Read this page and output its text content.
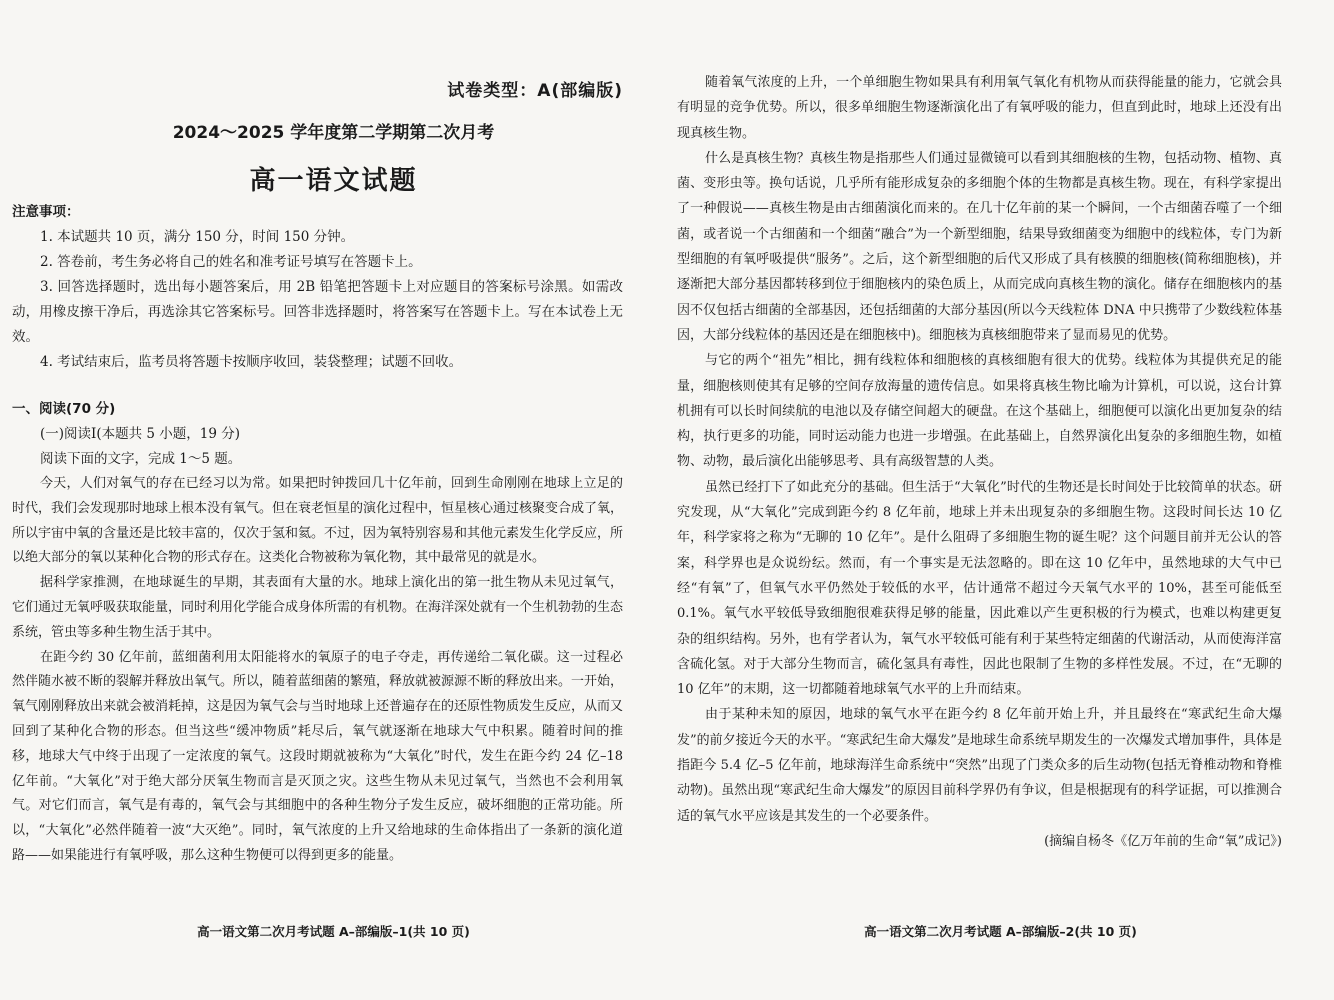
试卷类型：A(部编版)

2024～2025 学年度第二学期第二次月考

高一语文试题

注意事项：

1. 本试题共 10 页，满分 150 分，时间 150 分钟。

2. 答卷前，考生务必将自己的姓名和准考证号填写在答题卡上。

3. 回答选择题时，选出每小题答案后，用 2B 铅笔把答题卡上对应题目的答案标号涂黑。如需改动，用橡皮擦干净后，再选涂其它答案标号。回答非选择题时，将答案写在答题卡上。写在本试卷上无效。

4. 考试结束后，监考员将答题卡按顺序收回，装袋整理；试题不回收。

一、阅读(70 分)

(一)阅读Ⅰ(本题共 5 小题，19 分)

阅读下面的文字，完成 1～5 题。

今天，人们对氧气的存在已经习以为常。如果把时钟拨回几十亿年前，回到生命刚刚在地球上立足的时代，我们会发现那时地球上根本没有氧气。但在衰老恒星的演化过程中，恒星核心通过核聚变合成了氧，所以宇宙中氧的含量还是比较丰富的，仅次于氢和氦。不过，因为氧特别容易和其他元素发生化学反应，所以绝大部分的氧以某种化合物的形式存在。这类化合物被称为氧化物，其中最常见的就是水。

据科学家推测，在地球诞生的早期，其表面有大量的水。地球上演化出的第一批生物从未见过氧气，它们通过无氧呼吸获取能量，同时利用化学能合成身体所需的有机物。在海洋深处就有一个生机勃勃的生态系统，管虫等多种生物生活于其中。

在距今约 30 亿年前，蓝细菌利用太阳能将水的氧原子的电子夺走，再传递给二氧化碳。这一过程必然伴随水被不断的裂解并释放出氧气。所以，随着蓝细菌的繁殖，释放就被源源不断的释放出来。一开始，氧气刚刚释放出来就会被消耗掉，这是因为氧气会与当时地球上还普遍存在的还原性物质发生反应，从而又回到了某种化合物的形态。但当这些“缓冲物质”耗尽后，氧气就逐渐在地球大气中积累。随着时间的推移，地球大气中终于出现了一定浓度的氧气。这段时期就被称为“大氧化”时代，发生在距今约 24 亿–18 亿年前。“大氧化”对于绝大部分厌氧生物而言是灭顶之灾。这些生物从未见过氧气，当然也不会利用氧气。对它们而言，氧气是有毒的，氧气会与其细胞中的各种生物分子发生反应，破坏细胞的正常功能。所以，“大氧化”必然伴随着一波“大灭绝”。同时，氧气浓度的上升又给地球的生命体指出了一条新的演化道路——如果能进行有氧呼吸，那么这种生物便可以得到更多的能量。

高一语文第二次月考试题 A–部编版–1(共 10 页)

随着氧气浓度的上升，一个单细胞生物如果具有利用氧气氧化有机物从而获得能量的能力，它就会具有明显的竞争优势。所以，很多单细胞生物逐渐演化出了有氧呼吸的能力，但直到此时，地球上还没有出现真核生物。

什么是真核生物？真核生物是指那些人们通过显微镜可以看到其细胞核的生物，包括动物、植物、真菌、变形虫等。换句话说，几乎所有能形成复杂的多细胞个体的生物都是真核生物。现在，有科学家提出了一种假说——真核生物是由古细菌演化而来的。在几十亿年前的某一个瞬间，一个古细菌吞噬了一个细菌，或者说一个古细菌和一个细菌“融合”为一个新型细胞，结果导致细菌变为细胞中的线粒体，专门为新型细胞的有氧呼吸提供“服务”。之后，这个新型细胞的后代又形成了具有核膜的细胞核(简称细胞核)，并逐渐把大部分基因都转移到位于细胞核内的染色质上，从而完成向真核生物的演化。储存在细胞核内的基因不仅包括古细菌的全部基因，还包括细菌的大部分基因(所以今天线粒体 DNA 中只携带了少数线粒体基因，大部分线粒体的基因还是在细胞核中)。细胞核为真核细胞带来了显而易见的优势。

与它的两个“祖先”相比，拥有线粒体和细胞核的真核细胞有很大的优势。线粒体为其提供充足的能量，细胞核则使其有足够的空间存放海量的遗传信息。如果将真核生物比喻为计算机，可以说，这台计算机拥有可以长时间续航的电池以及存储空间超大的硬盘。在这个基础上，细胞便可以演化出更加复杂的结构，执行更多的功能，同时运动能力也进一步增强。在此基础上，自然界演化出复杂的多细胞生物，如植物、动物，最后演化出能够思考、具有高级智慧的人类。

虽然已经打下了如此充分的基础。但生活于“大氧化”时代的生物还是长时间处于比较简单的状态。研究发现，从“大氧化”完成到距今约 8 亿年前，地球上并未出现复杂的多细胞生物。这段时间长达 10 亿年，科学家将之称为“无聊的 10 亿年”。是什么阻碍了多细胞生物的诞生呢？这个问题目前并无公认的答案，科学界也是众说纷纭。然而，有一个事实是无法忽略的。即在这 10 亿年中，虽然地球的大气中已经“有氧”了，但氧气水平仍然处于较低的水平，估计通常不超过今天氧气水平的 10%，甚至可能低至 0.1%。氧气水平较低导致细胞很难获得足够的能量，因此难以产生更积极的行为模式，也难以构建更复杂的组织结构。另外，也有学者认为，氧气水平较低可能有利于某些特定细菌的代谢活动，从而使海洋富含硫化氢。对于大部分生物而言，硫化氢具有毒性，因此也限制了生物的多样性发展。不过，在“无聊的 10 亿年”的末期，这一切都随着地球氧气水平的上升而结束。

由于某种未知的原因，地球的氧气水平在距今约 8 亿年前开始上升，并且最终在“寒武纪生命大爆发”的前夕接近今天的水平。“寒武纪生命大爆发”是地球生命系统早期发生的一次爆发式增加事件，具体是指距今 5.4 亿–5 亿年前，地球海洋生命系统中“突然”出现了门类众多的后生动物(包括无脊椎动物和脊椎动物)。虽然出现“寒武纪生命大爆发”的原因目前科学界仍有争议，但是根据现有的科学证据，可以推测合适的氧气水平应该是其发生的一个必要条件。

(摘编自杨冬《亿万年前的生命“氧”成记》)

高一语文第二次月考试题 A–部编版–2(共 10 页)
